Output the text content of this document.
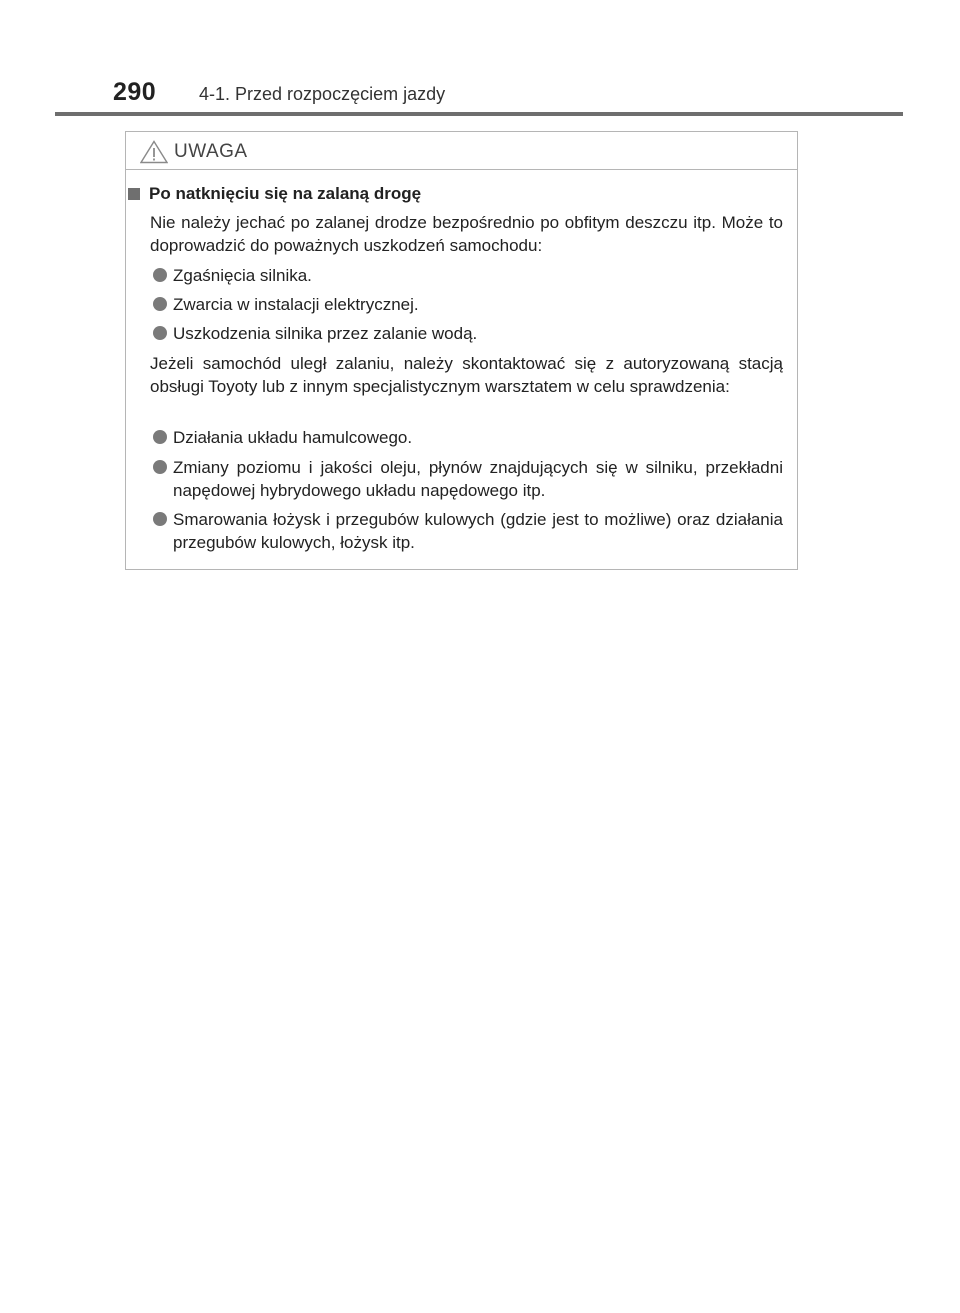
290 4-1. Przed rozpoczęciem jazdy
UWAGA
Po natknięciu się na zalaną drogę
Nie należy jechać po zalanej drodze bezpośrednio po obfitym deszczu itp. Może to doprowadzić do poważnych uszkodzeń samochodu:
Zgaśnięcia silnika.
Zwarcia w instalacji elektrycznej.
Uszkodzenia silnika przez zalanie wodą.
Jeżeli samochód uległ zalaniu, należy skontaktować się z autoryzowaną stacją obsługi Toyoty lub z innym specjalistycznym warsztatem w celu sprawdzenia:
Działania układu hamulcowego.
Zmiany poziomu i jakości oleju, płynów znajdujących się w silniku, przekładni napędowej hybrydowego układu napędowego itp.
Smarowania łożysk i przegubów kulowych (gdzie jest to możliwe) oraz działania przegubów kulowych, łożysk itp.
